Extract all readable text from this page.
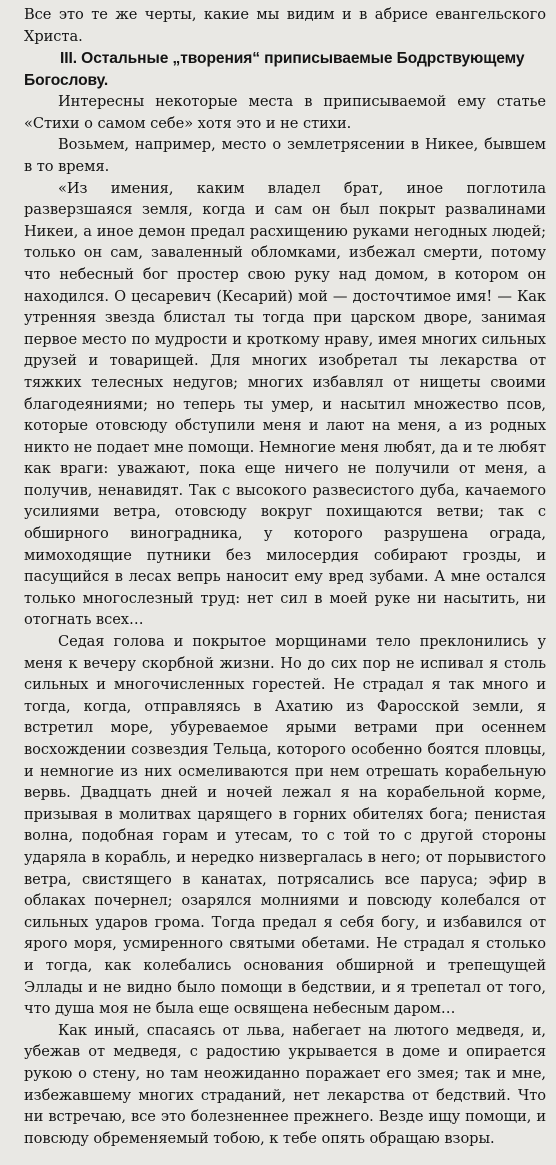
Все это те же черты, какие мы видим и в абрисе евангельского Христа.

III. Остальные „творения“ приписываемые Бодрствующему Богослову.

Интересны некоторые места в приписываемой ему статье «Стихи о самом себе» хотя это и не стихи.

Возьмем, например, место о землетрясении в Никее, бывшем в то время.

«Из имения, каким владел брат, иное поглотила разверзшаяся земля, когда и сам он был покрыт развалинами Никеи, а иное демон предал расхищению руками негодных людей; только он сам, заваленный обломками, избежал смерти, потому что небесный бог простер свою руку над домом, в котором он находился. О цесаревич (Кесарий) мой — досточтимое имя! — Как утренняя звезда блистал ты тогда при царском дворе, занимая первое место по мудрости и кроткому нраву, имея многих сильных друзей и товарищей. Для многих изобретал ты лекарства от тяжких телесных недугов; многих избавлял от нищеты своими благодеяниями; но теперь ты умер, и насытил множество псов, которые отовсюду обступили меня и лают на меня, а из родных никто не подает мне помощи. Немногие меня любят, да и те любят как враги: уважают, пока еще ничего не получили от меня, а получив, ненавидят. Так с высокого развесистого дуба, качаемого усилиями ветра, отовсюду вокруг похищаются ветви; так с обширного виноградника, у которого разрушена ограда, мимоходящие путники без милосердия собирают грозды, и пасущийся в лесах вепрь наносит ему вред зубами. А мне остался только многослезный труд: нет сил в моей руке ни насытить, ни отогнать всех…

Седая голова и покрытое морщинами тело преклонились у меня к вечеру скорбной жизни. Но до сих пор не испивал я столь сильных и многочисленных горестей. Не страдал я так много и тогда, когда, отправляясь в Ахатию из Фаросской земли, я встретил море, убуреваемое ярыми ветрами при осеннем восхождении созвездия Тельца, которого особенно боятся пловцы, и немногие из них осмеливаются при нем отрешать корабельную вервь. Двадцать дней и ночей лежал я на корабельной корме, призывая в молитвах царящего в горних обителях бога; пенистая волна, подобная горам и утесам, то с той то с другой стороны ударяла в корабль, и нередко низвергалась в него; от порывистого ветра, свистящего в канатах, потрясались все паруса; эфир в облаках почернел; озарялся молниями и повсюду колебался от сильных ударов грома. Тогда предал я себя богу, и избавился от ярого моря, усмиренного святыми обетами. Не страдал я столько и тогда, как колебались основания обширной и трепещущей Эллады и не видно было помощи в бедствии, и я трепетал от того, что душа моя не была еще освящена небесным даром…

Как иный, спасаясь от льва, набегает на лютого медведя, и, убежав от медведя, с радостию укрывается в доме и опирается рукою о стену, но там неожиданно поражает его змея; так и мне, избежавшему многих страданий, нет лекарства от бедствий. Что ни встречаю, все это болезненнее прежнего. Везде ищу помощи, и повсюду обременяемый тобою, к тебе опять обращаю взоры.
